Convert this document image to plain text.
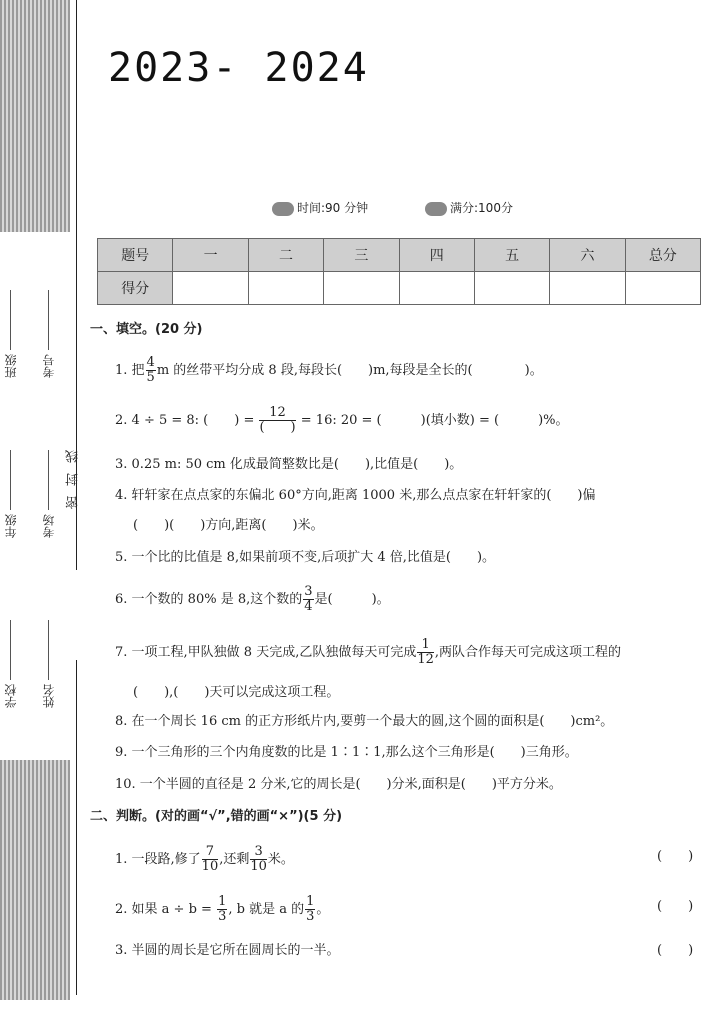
班级
年级
学校
考号
考场
姓名
密封线
2023- 2024
时间:90 分钟	满分:100分
题号	一	二	三	四	五	六	总分
得分							
一、填空。(20 分)
二、判断。(对的画“√”,错的画“×”)(5 分)
1. 把 $\frac{4}{5}$ m 的丝带平均分成 8 段,每段长(　　)m,每段是全长的(　　　　)。
2. 4 ÷ 5 = 8: (　　) = $\frac{12}{( )} = 16$: 20 = (　　　)(填小数) = (　　　)%。
3. 0.25 m: 50 cm 化成最简整数比是(　　),比值是(　　)。
4. 轩轩家在点点家的东偏北 60°方向,距离 1000 米,那么点点家在轩轩家的(　　)偏
(　　)(　　)方向,距离(　　)米。
5. 一个比的比值是 8,如果前项不变,后项扩大 4 倍,比值是(　　)。
6. 一个数的 80% 是 8,这个数的 $\frac{3}{4}$ 是(　　　)。
7. 一项工程,甲队独做 8 天完成,乙队独做每天可完成 $\frac{1}{12}$ ,两队合作每天可完成这项工程的
(　　),(　　)天可以完成这项工程。
8. 在一个周长 16 cm 的正方形纸片内,要剪一个最大的圆,这个圆的面积是(　　)cm²。
9. 一个三角形的三个内角度数的比是 1∶1∶1,那么这个三角形是(　　)三角形。
10. 一个半圆的直径是 2 分米,它的周长是(　　)分米,面积是(　　)平方分米。
1. 一段路,修了 $\frac{7}{10}$ ,还剩 $\frac{3}{10}$ 米。	(　　)
2. 如果 $a \div b = \frac{1}{3}$ , b 就是 a 的 $\frac{1}{3}$ 。	(　　)
3. 半圆的周长是它所在圆周长的一半。	(　　)
